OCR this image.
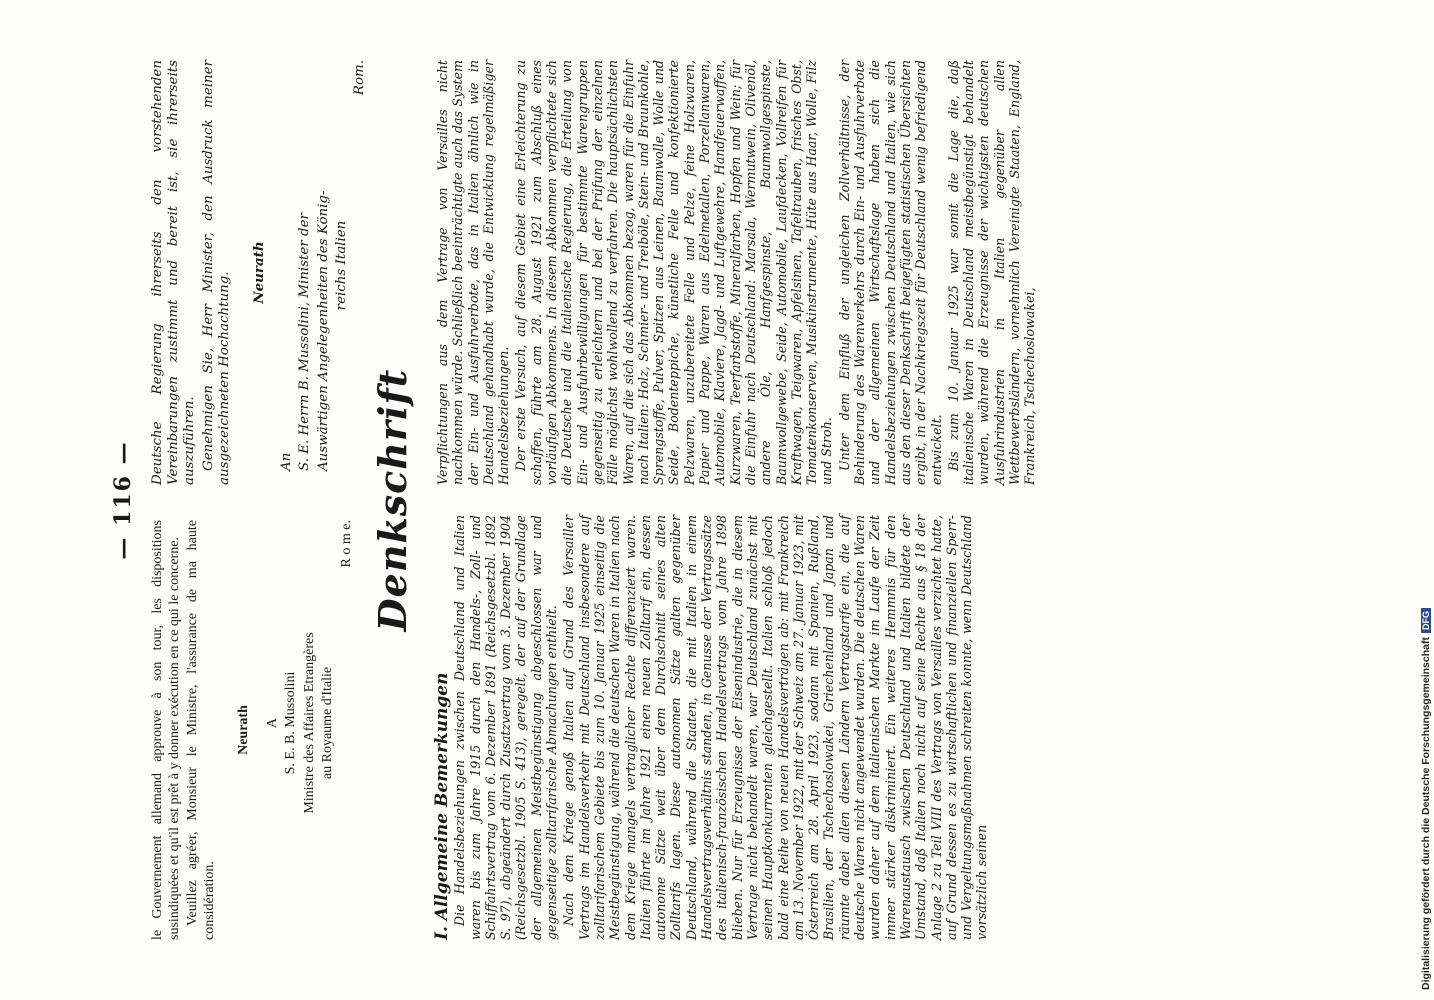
— 116 —

le Gouvernement allemand approuve à son tour, les dispositions susindiquées et qu'il est prêt à y donner exécution en ce qui le concerne. Veuillez agréer, Monsieur le Ministre, l'assurance de ma haute considération.

Neurath A S. E. B. Mussolini Ministre des Affaires Etrangères au Royaume d'Italie

R o m e.

Deutsche Regierung ihrerseits den vorstehenden Vereinbarungen zustimmt und bereit ist, sie ihrerseits auszuführen. Genehmigen Sie, Herr Minister, den Ausdruck meiner ausgezeichneten Hochachtung. Neurath

An S. E. Herrn B. Mussolini, Minister der Auswärtigen Angelegenheiten des König- reichs Italien

Rom.

Denkschrift

I. Allgemeine Bemerkungen Die Handelsbeziehungen zwischen Deutschland und Italien waren bis zum Jahre 1915 durch den Handels-, Zoll- und Schiffahrtsvertrag vom 6. Dezember 1891 (Reichsgesetzbl. 1892 S. 97), abgeändert durch Zusatzvertrag vom 3. Dezember 1904 (Reichsgesetzbl. 1905 S. 413), geregelt, der auf der Grundlage der allgemeinen Meistbegünstigung abgeschlossen war und gegenseitige zolltarifarische Abmachungen enthielt. Nach dem Kriege genoß Italien auf Grund des Versailler Vertrags im Handelsverkehr mit Deutschland insbesondere auf zolltarifarischem Gebiete bis zum 10. Januar 1925 einseitig die Meistbegünstigung, während die deutschen Waren in Italien nach dem Kriege mangels vertraglicher Rechte differenziert waren. Italien führte im Jahre 1921 einen neuen Zolltarif ein, dessen autonome Sätze weit über dem Durchschnitt seines alten Zolltarifs lagen. Diese autonomen Sätze galten gegenüber Deutschland, während die Staaten, die mit Italien in einem Handelsvertragsverhältnis standen, in Genusse der Vertragssätze des italienisch-französischen Handelsvertrags vom Jahre 1898 blieben. Nur für Erzeugnisse der Eisenindustrie, die in diesem Vertrage nicht behandelt waren, war Deutschland zunächst mit seinen Hauptkonkurrenten gleichgestellt. Italien schloß jedoch bald eine Reihe von neuen Handelsverträgen ab: mit Frankreich am 13. November 1922, mit der Schweiz am 27. Januar 1923, mit Österreich am 28. April 1923, sodann mit Spanien, Rußland, Brasilien, der Tschechoslowakei, Griechenland und Japan und räumte dabei allen diesen Ländern Vertragstarife ein, die auf deutsche Waren nicht angewendet wurden. Die deutschen Waren wurden daher auf dem italienischen Markte im Laufe der Zeit immer stärker diskriminiert. Ein weiteres Hemmnis für den Warenaustausch zwischen Deutschland und Italien bildete der Umstand, daß Italien noch nicht auf seine Rechte aus § 18 der Anlage 2 zu Teil VIII des Vertrags von Versailles verzichtet hatte, auf Grund dessen es zu wirtschaftlichen und finanziellen Sperr- und Vergeltungsmaßnahmen schreiten konnte, wenn Deutschland vorsätzlich seinen

Verpflichtungen aus dem Vertrage von Versailles nicht nachkommen würde. Schließlich beeinträchtigte auch das System der Ein- und Ausfuhrverbote, das in Italien ähnlich wie in Deutschland gehandhabt wurde, die Entwicklung regelmäßiger Handelsbeziehungen. Der erste Versuch, auf diesem Gebiet eine Erleichterung zu schaffen, führte am 28. August 1921 zum Abschluß eines vorläufigen Abkommens. In diesem Abkommen verpflichtete sich die Deutsche und die Italienische Regierung, die Erteilung von Ein- und Ausfuhrbewilligungen für bestimmte Warengruppen gegenseitig zu erleichtern und bei der Prüfung der einzelnen Fälle möglichst wohlwollend zu verfahren. Die hauptsächlichsten Waren, auf die sich das Abkommen bezog, waren für die Einfuhr nach Italien: Holz, Schmier- und Treiböle, Stein- und Braunkohle, Sprengstoffe, Pulver, Spitzen aus Leinen, Baumwolle, Wolle und Seide, Bodenteppiche, künstliche Felle und konfektionierte Pelzwaren, unzubereitete Felle und Pelze, feine Holzwaren, Papier und Pappe, Waren aus Edelmetallen, Porzellanwaren, Automobile, Klaviere, Jagd- und Luftgewehre, Handfeuerwaffen, Kurzwaren, Teerfarbstoffe, Mineralfarben, Hopfen und Wein; für die Einfuhr nach Deutschland: Marsala, Wermutwein, Olivenöl, andere Öle, Hanfgespinste, Baumwollgespinste, Baumwollgewebe, Seide, Automobile, Laufdecken, Vollreifen für Kraftwagen, Teigwaren, Apfelsinen, Tafeltrauben, frisches Obst, Tomatenkonserven, Musikinstrumente, Hüte aus Haar, Wolle, Filz und Stroh. Unter dem Einfluß der ungleichen Zollverhältnisse, der Behinderung des Warenverkehrs durch Ein- und Ausfuhrverbote und der allgemeinen Wirtschaftslage haben sich die Handelsbeziehungen zwischen Deutschland und Italien, wie sich aus den dieser Denkschrift beigefügten statistischen Übersichten ergibt, in der Nachkriegszeit für Deutschland wenig befriedigend entwickelt. Bis zum 10. Januar 1925 war somit die Lage die, daß italienische Waren in Deutschland meistbegünstigt behandelt wurden, während die Erzeugnisse der wichtigsten deutschen Ausfuhrindustrien in Italien gegenüber allen Wettbewerbsländern, vornehmlich Vereinigte Staaten, England, Frankreich, Tschechoslowakei,

Digitalisierung gefördert durch die Deutsche ForschungsgemeinschaftDFG
